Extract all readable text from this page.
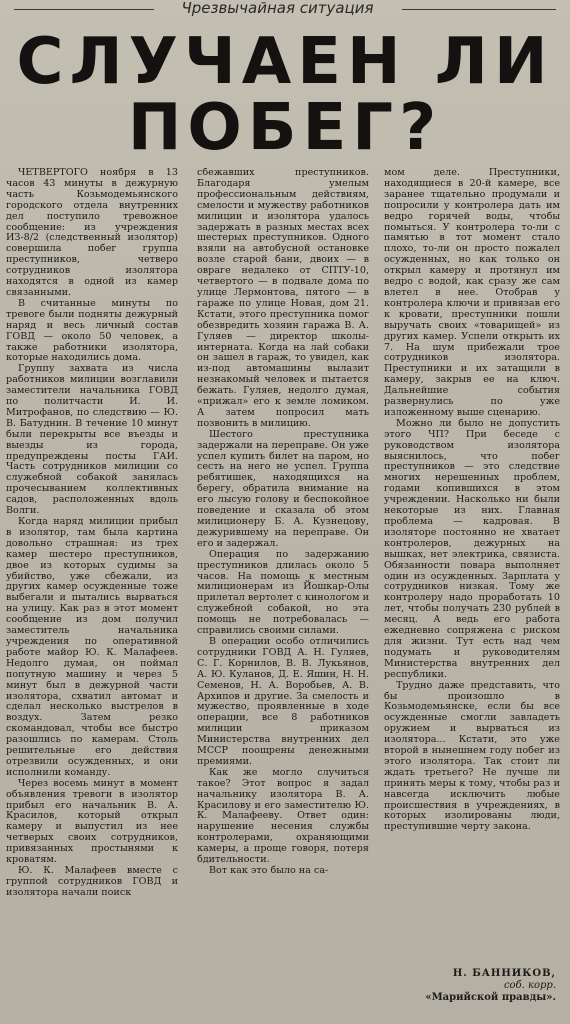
Чрезвычайная ситуация
СЛУЧАЕН ЛИ
ПОБЕГ?

ЧЕТВЕРТОГО ноября в 13 часов 43 минуты в дежурную часть Козьмодемьянского городского отдела внутренних дел поступило тревожное сообщение: из учреждения ИЗ-8/2 (следственный изолятор) совершила побег группа преступников, четверо сотрудников изолятора находятся в одной из камер связанными.

В считанные минуты по тревоге были подняты дежурный наряд и весь личный состав ГОВД — около 50 человек, а также работники изолятора, которые находились дома.

Группу захвата из числа работников милиции возглавили заместители начальника ГОВД по политчасти И. И. Митрофанов, по следствию — Ю. В. Батуднин. В течение 10 минут были перекрыты все въезды и выезды из города, предупреждены посты ГАИ. Часть сотрудников милиции со служебной собакой занялась прочесыванием коллективных садов, расположенных вдоль Волги.

Когда наряд милиции прибыл в изолятор, там была картина довольно страшная: из трех камер шестеро преступников, двое из которых судимы за убийство, уже сбежали, из других камер осужденные тоже выбегали и пытались вырваться на улицу. Как раз в этот момент сообщение из дом получил заместитель начальника учреждения по оперативной работе майор Ю. К. Малафеев. Недолго думая, он поймал попутную машину и через 5 минут был в дежурной части изолятора, схватил автомат и сделал несколько выстрелов в воздух. Затем резко скомандовал, чтобы все быстро разошлись по камерам. Столь решительные его действия отрезвили осужденных, и они исполнили команду.

Через восемь минут в момент объявления тревоги в изолятор прибыл его начальник В. А. Красилов, который открыл камеру и выпустил из нее четверых своих сотрудников, привязанных простынями к кроватям.

Ю. К. Малафеев вместе с группой сотрудников ГОВД и изолятора начали поиск

сбежавших преступников. Благодаря умелым профессиональным действиям, смелости и мужеству работников милиции и изолятора удалось задержать в разных местах всех шестерых преступников. Одного взяли на автобусной остановке возле старой бани, двоих — в овраге недалеко от СПТУ-10, четвертого — в подвале дома по улице Лермонтова, пятого — в гараже по улице Новая, дом 21. Кстати, этого преступника помог обезвредить хозяин гаража В. А. Гуляев — директор школы-интерната. Когда на лай собаки он зашел в гараж, то увидел, как из-под автомашины вылазит незнакомый человек и пытается бежать. Гуляев, недолго думая, «прижал» его к земле ломиком. А затем попросил мать позвонить в милицию.

Шестого преступника задержали на переправе. Он уже успел купить билет на паром, но сесть на него не успел. Группа ребятишек, находящихся на берегу, обратила внимание на его лысую голову и беспокойное поведение и сказала об этом милиционеру Б. А. Кузнецову, дежурившему на переправе. Он его и задержал.

Операция по задержанию преступников длилась около 5 часов. На помощь к местным милиционерам из Йошкар-Олы прилетал вертолет с кинологом и служебной собакой, но эта помощь не потребовалась — справились своими силами.

В операции особо отличились сотрудники ГОВД А. Н. Гуляев, С. Г. Корнилов, В. В. Лукьянов, А. Ю. Куланов, Д. Е. Яшин, Н. Н. Семенов, Н. А. Воробьев, А. В. Архипов и другие. За смелость и мужество, проявленные в ходе операции, все 8 работников милиции приказом Министерства внутренних дел МССР поощрены денежными премиями.

Как же могло случиться такое? Этот вопрос я задал начальнику изолятора В. А. Красилову и его заместителю Ю. К. Малафееву. Ответ один: нарушение несения службы контролерами, охраняющими камеры, а проще говоря, потеря бдительности.

Вот как это было на са-

мом деле. Преступники, находящиеся в 20-й камере, все заранее тщательно продумали и попросили у контролера дать им ведро горячей воды, чтобы помыться. У контролера то-ли с памятью в тот момент стало плохо, то-ли он просто пожалел осужденных, но как только он открыл камеру и протянул им ведро с водой, как сразу же сам влетел в нее. Отобрав у контролера ключи и привязав его к кровати, преступники пошли выручать своих «товарищей» из других камер. Успели открыть их 7. На шум прибежали трое сотрудников изолятора. Преступники и их затащили в камеру, закрыв ее на ключ. Дальнейшие события развернулись по уже изложенному выше сценарию.

Можно ли было не допустить этого ЧП? При беседе с руководством изолятора выяснилось, что побег преступников — это следствие многих нерешенных проблем, годами копившихся в этом учреждении. Насколько ни были некоторые из них. Главная проблема — кадровая. В изоляторе постоянно не хватает контролеров, дежурных на вышках, нет электрика, связиста. Обязанности повара выполняет один из осужденных. Зарплата у сотрудников низкая. Тому же контролеру надо проработать 10 лет, чтобы получать 230 рублей в месяц. А ведь его работа ежедневно сопряжена с риском для жизни. Тут есть над чем подумать и руководителям Министерства внутренних дел республики.

Трудно даже представить, что бы произошло в Козьмодемьянске, если бы все осужденные смогли завладеть оружием и вырваться из изолятора... Кстати, это уже второй в нынешнем году побег из этого изолятора. Так стоит ли ждать третьего? Не лучше ли принять меры к тому, чтобы раз и навсегда исключить любые происшествия в учреждениях, в которых изолированы люди, преступившие черту закона.

Н. БАННИКОВ,
соб. корр.
«Марийской правды».
